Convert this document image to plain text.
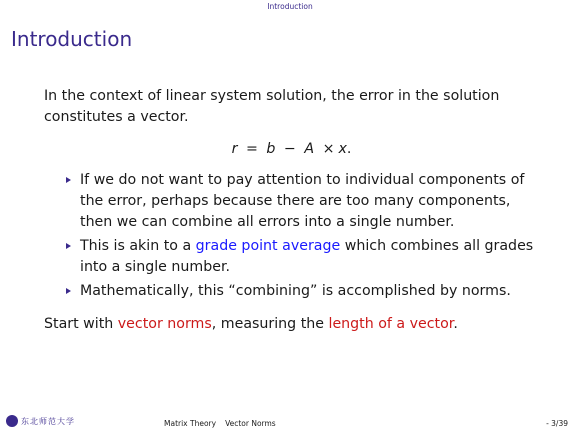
Introduction
Introduction

In the context of linear system solution, the error in the solution constitutes a vector.

r = b − A × x.
If we do not want to pay attention to individual components of the error, perhaps because there are too many components, then we can combine all errors into a single number.
This is akin to a grade point average which combines all grades into a single number.
Mathematically, this “combining” is accomplished by norms.

Start with vector norms, measuring the length of a vector.

东北师范大学	Matrix Theory Vector Norms	- 3/39
